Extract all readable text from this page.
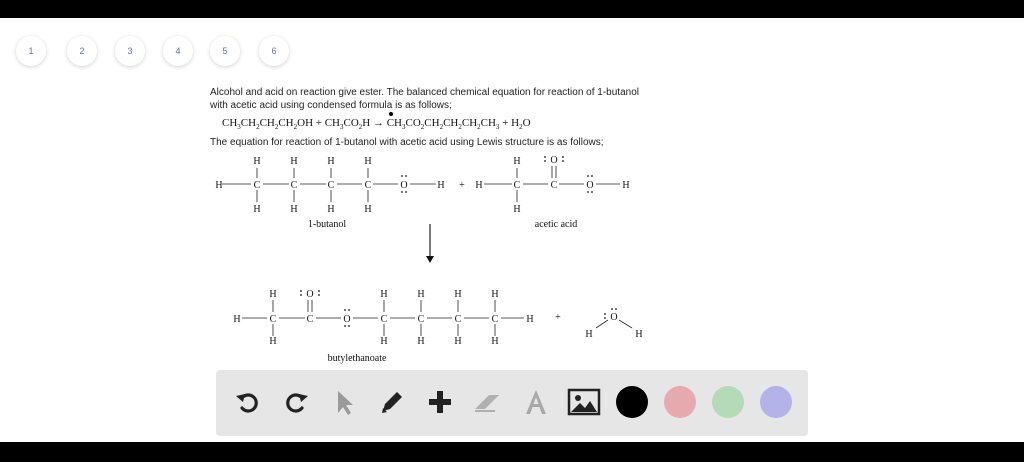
1	2	3	4	5	6

Alcohol and acid on reaction give ester. The balanced chemical equation for reaction of 1-butanol

with acetic acid using condensed formula is as follows;

$CH_3CH_2CH_2CH_2OH + CH_3CO_2H \to CH_3CO_2CH_2CH_2CH_2CH_3 + H_2O$
The equation for reaction of 1-butanol with acetic acid using Lewis structure is as follows;
H	C	C	C	C	O	H
H	H	H	H
H	H	H	H
+ H	C	C	O	H
H	O
H
H	C	C	O	C	C	C	C	H
H	O	H	H	H	H
H	H	H	H	H
+	O
H	H
1-butanol	acetic acid
butylethanoate
